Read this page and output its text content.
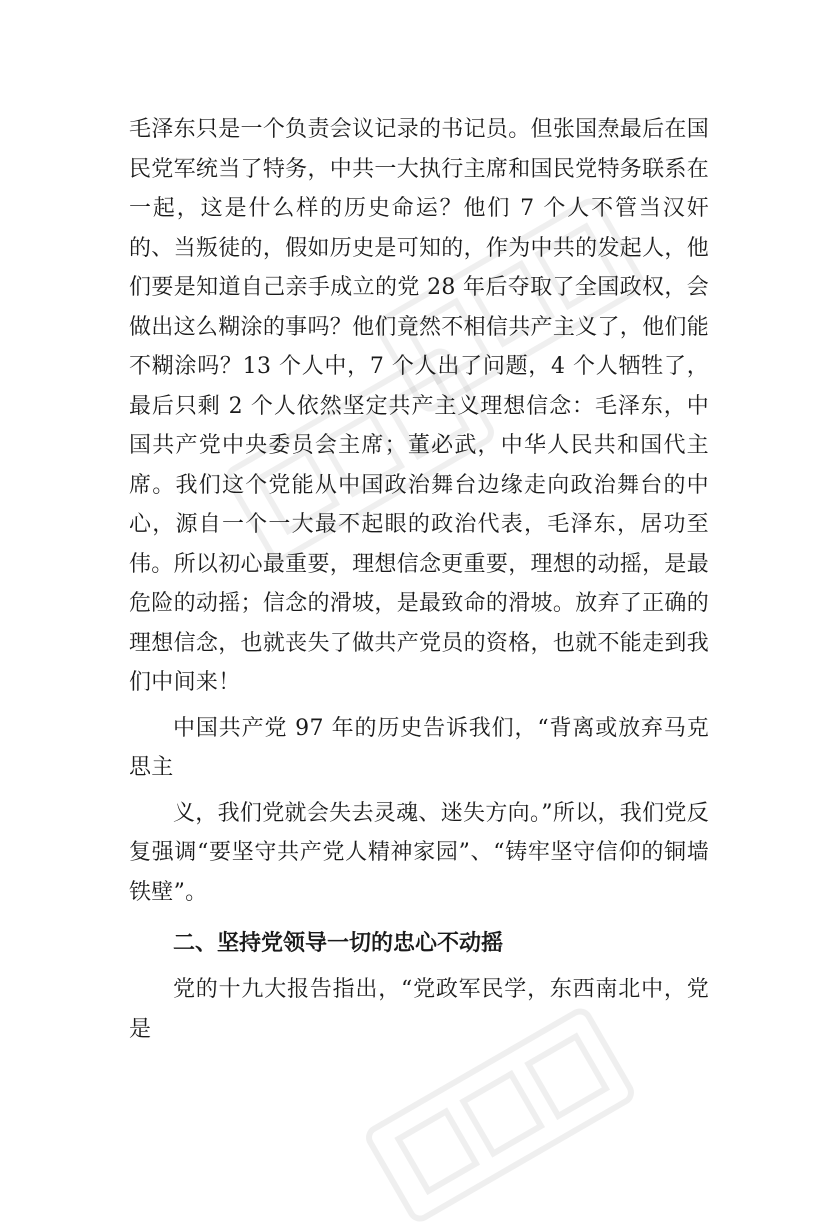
毛泽东只是一个负责会议记录的书记员。但张国焘最后在国民党军统当了特务，中共一大执行主席和国民党特务联系在一起，这是什么样的历史命运？他们 7 个人不管当汉奸的、当叛徒的，假如历史是可知的，作为中共的发起人，他们要是知道自己亲手成立的党 28 年后夺取了全国政权，会做出这么糊涂的事吗？他们竟然不相信共产主义了，他们能不糊涂吗？13 个人中，7 个人出了问题，4 个人牺牲了，最后只剩 2 个人依然坚定共产主义理想信念：毛泽东，中国共产党中央委员会主席；董必武，中华人民共和国代主席。我们这个党能从中国政治舞台边缘走向政治舞台的中心，源自一个一大最不起眼的政治代表，毛泽东，居功至伟。所以初心最重要，理想信念更重要，理想的动摇，是最危险的动摇；信念的滑坡，是最致命的滑坡。放弃了正确的理想信念，也就丧失了做共产党员的资格，也就不能走到我们中间来！

中国共产党 97 年的历史告诉我们，“背离或放弃马克思主

义，我们党就会失去灵魂、迷失方向。”所以，我们党反复强调“要坚守共产党人精神家园”、“铸牢坚守信仰的铜墙铁壁”。

二、坚持党领导一切的忠心不动摇

党的十九大报告指出，“党政军民学，东西南北中，党是
